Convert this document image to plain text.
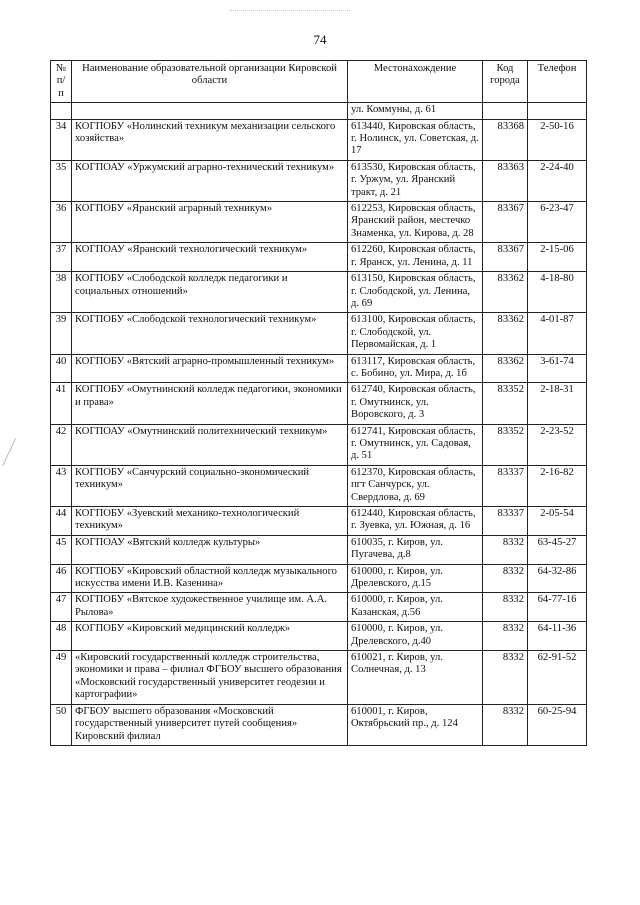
74
№ п/п	Наименование образовательной организации Кировской области	Местонахождение	Код города	Телефон
		ул. Коммуны, д. 61		
34	КОГПОБУ «Нолинский техникум механизации сельского хозяйства»	613440, Кировская область, г. Нолинск, ул. Советская, д. 17	83368	2-50-16
35	КОГПОАУ «Уржумский аграрно-технический техникум»	613530, Кировская область, г. Уржум, ул. Яранский тракт, д. 21	83363	2-24-40
36	КОГПОБУ «Яранский аграрный техникум»	612253, Кировская область, Яранский район, местечко Знаменка, ул. Кирова, д. 28	83367	6-23-47
37	КОГПОАУ «Яранский технологический техникум»	612260, Кировская область, г. Яранск, ул. Ленина, д. 11	83367	2-15-06
38	КОГПОБУ «Слободской колледж педагогики и социальных отношений»	613150, Кировская область, г. Слободской, ул. Ленина, д. 69	83362	4-18-80
39	КОГПОБУ «Слободской технологический техникум»	613100, Кировская область, г. Слободской, ул. Первомайская, д. 1	83362	4-01-87
40	КОГПОБУ «Вятский аграрно-промышленный техникум»	613117, Кировская область, с. Бобино, ул. Мира, д. 1б	83362	3-61-74
41	КОГПОБУ «Омутнинский колледж педагогики, экономики и права»	612740, Кировская область, г. Омутнинск, ул. Воровского, д. 3	83352	2-18-31
42	КОГПОАУ «Омутнинский политехнический техникум»	612741, Кировская область, г. Омутнинск, ул. Садовая, д. 51	83352	2-23-52
43	КОГПОБУ «Санчурский социально-экономический техникум»	612370, Кировская область, пгт Санчурск, ул. Свердлова, д. 69	83337	2-16-82
44	КОГПОБУ «Зуевский механико-технологический техникум»	612440, Кировская область, г. Зуевка, ул. Южная, д. 16	83337	2-05-54
45	КОГПОАУ «Вятский колледж культуры»	610035, г. Киров, ул. Пугачева, д.8	8332	63-45-27
46	КОГПОБУ «Кировский областной колледж музыкального искусства имени И.В. Казенина»	610000, г. Киров, ул. Дрелевского, д.15	8332	64-32-86
47	КОГПОБУ «Вятское художественное училище им. А.А. Рылова»	610000, г. Киров, ул. Казанская, д.56	8332	64-77-16
48	КОГПОБУ «Кировский медицинский колледж»	610000, г. Киров, ул. Дрелевского, д.40	8332	64-11-36
49	«Кировский государственный колледж строительства, экономики и права – филиал ФГБОУ высшего образования «Московский государственный университет геодезии и картографии»	610021, г. Киров, ул. Солнечная, д. 13	8332	62-91-52
50	ФГБОУ высшего образования «Московский государственный университет путей сообщения» Кировский филиал	610001, г. Киров, Октябрьский пр., д. 124	8332	60-25-94
